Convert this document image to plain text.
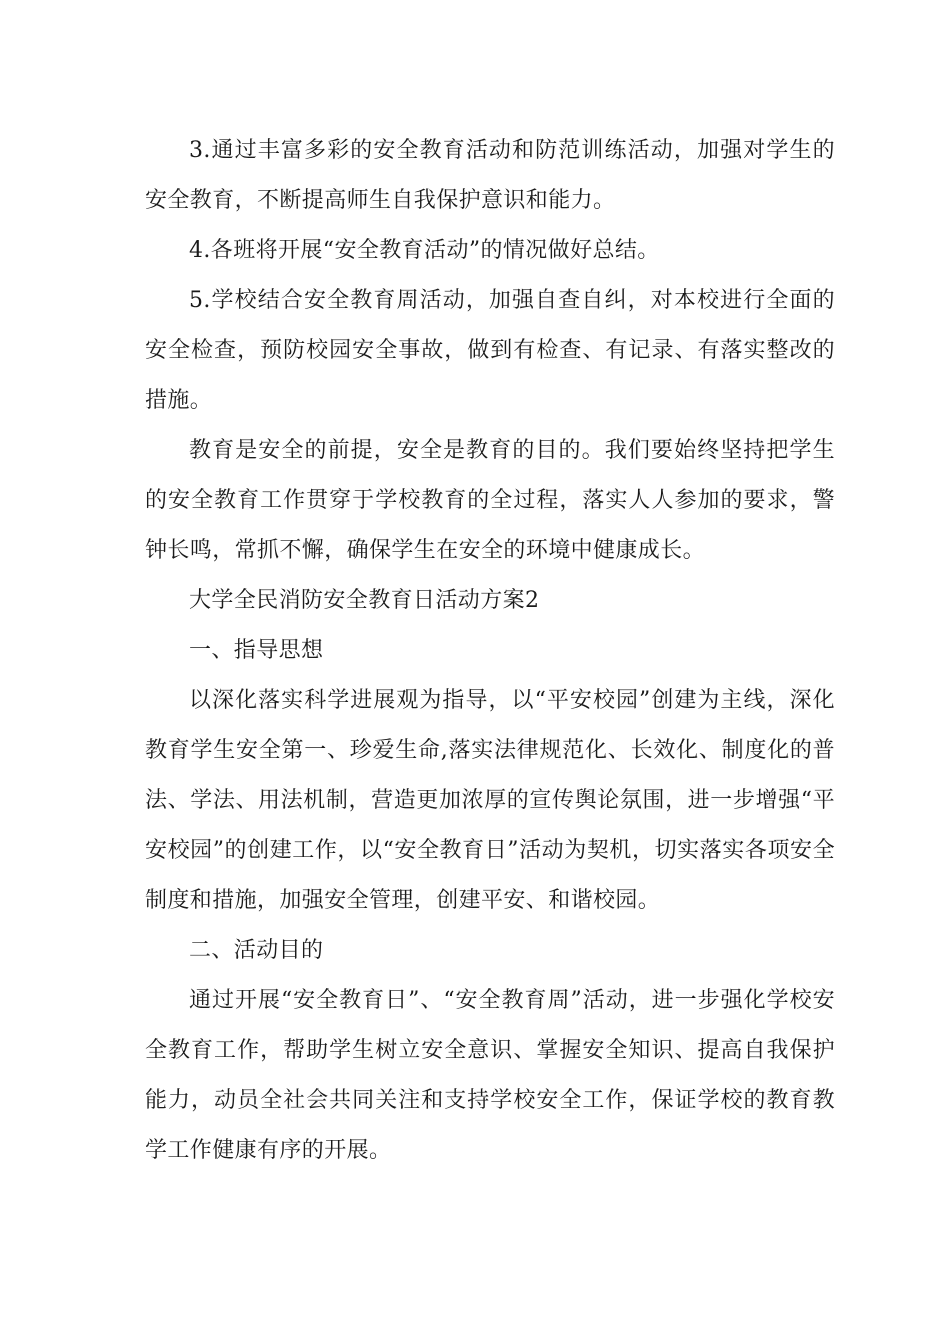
3.通过丰富多彩的安全教育活动和防范训练活动，加强对学生的安全教育，不断提高师生自我保护意识和能力。

4.各班将开展“安全教育活动”的情况做好总结。

5.学校结合安全教育周活动，加强自查自纠，对本校进行全面的安全检查，预防校园安全事故，做到有检查、有记录、有落实整改的措施。

教育是安全的前提，安全是教育的目的。我们要始终坚持把学生的安全教育工作贯穿于学校教育的全过程，落实人人参加的要求，警钟长鸣，常抓不懈，确保学生在安全的环境中健康成长。

大学全民消防安全教育日活动方案2

一、指导思想

以深化落实科学进展观为指导，以“平安校园”创建为主线，深化教育学生安全第一、珍爱生命,落实法律规范化、长效化、制度化的普法、学法、用法机制，营造更加浓厚的宣传舆论氛围，进一步增强“平安校园”的创建工作，以“安全教育日”活动为契机，切实落实各项安全制度和措施，加强安全管理，创建平安、和谐校园。

二、活动目的

通过开展“安全教育日”、“安全教育周”活动，进一步强化学校安全教育工作，帮助学生树立安全意识、掌握安全知识、提高自我保护能力，动员全社会共同关注和支持学校安全工作，保证学校的教育教学工作健康有序的开展。
